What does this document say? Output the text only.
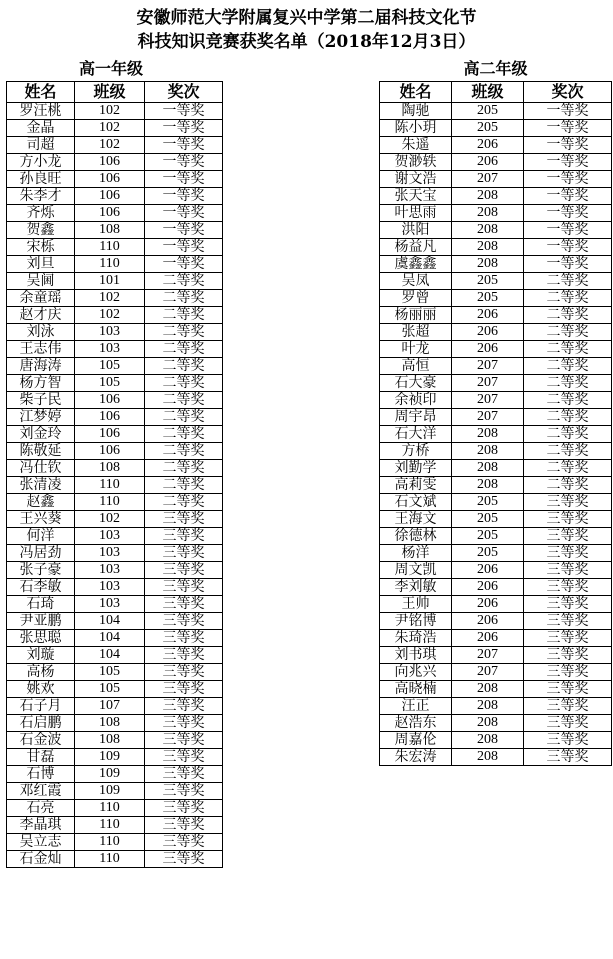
安徽师范大学附属复兴中学第二届科技文化节
科技知识竞赛获奖名单（2018年12月3日）
高一年级	高二年级
姓名	班级	奖次
罗汪桃	102	一等奖
金晶	102	一等奖
司超	102	一等奖
方小龙	106	一等奖
孙良旺	106	一等奖
朱李才	106	一等奖
齐烁	106	一等奖
贺鑫	108	一等奖
宋栎	110	一等奖
刘旦	110	一等奖
吴阃	101	二等奖
余童瑶	102	二等奖
赵才庆	102	二等奖
刘泳	103	二等奖
王志伟	103	二等奖
唐海涛	105	二等奖
杨方智	105	二等奖
柴子民	106	二等奖
江梦婷	106	二等奖
刘金玲	106	二等奖
陈敬延	106	二等奖
冯仕钦	108	二等奖
张清凌	110	二等奖
赵鑫	110	二等奖
王兴葵	102	三等奖
何洋	103	三等奖
冯居劲	103	三等奖
张子豪	103	三等奖
石李敏	103	三等奖
石琦	103	三等奖
尹亚鹏	104	三等奖
张思聪	104	三等奖
刘璇	104	三等奖
高杨	105	三等奖
姚欢	105	三等奖
石子月	107	三等奖
石启鹏	108	三等奖
石金波	108	三等奖
甘磊	109	三等奖
石博	109	三等奖
邓红霞	109	三等奖
石亮	110	三等奖
李晶琪	110	三等奖
吴立志	110	三等奖
石金灿	110	三等奖
姓名	班级	奖次
陶驰	205	一等奖
陈小玥	205	一等奖
朱遥	206	一等奖
贺渺轶	206	一等奖
谢文浩	207	一等奖
张天宝	208	一等奖
叶思雨	208	一等奖
洪阳	208	一等奖
杨益凡	208	一等奖
虞鑫鑫	208	一等奖
吴凤	205	二等奖
罗曾	205	二等奖
杨丽丽	206	二等奖
张超	206	二等奖
叶龙	206	二等奖
高恒	207	二等奖
石大豪	207	二等奖
余祯印	207	二等奖
周宇昂	207	二等奖
石大洋	208	二等奖
方桥	208	二等奖
刘勤学	208	二等奖
高莉雯	208	二等奖
石文斌	205	三等奖
王海文	205	三等奖
徐德林	205	三等奖
杨洋	205	三等奖
周文凯	206	三等奖
李刘敏	206	三等奖
王帅	206	三等奖
尹铭博	206	三等奖
朱琦浩	206	三等奖
刘书琪	207	三等奖
向兆兴	207	三等奖
高晓楠	208	三等奖
汪正	208	三等奖
赵浩东	208	三等奖
周嘉伦	208	三等奖
朱宏涛	208	三等奖
